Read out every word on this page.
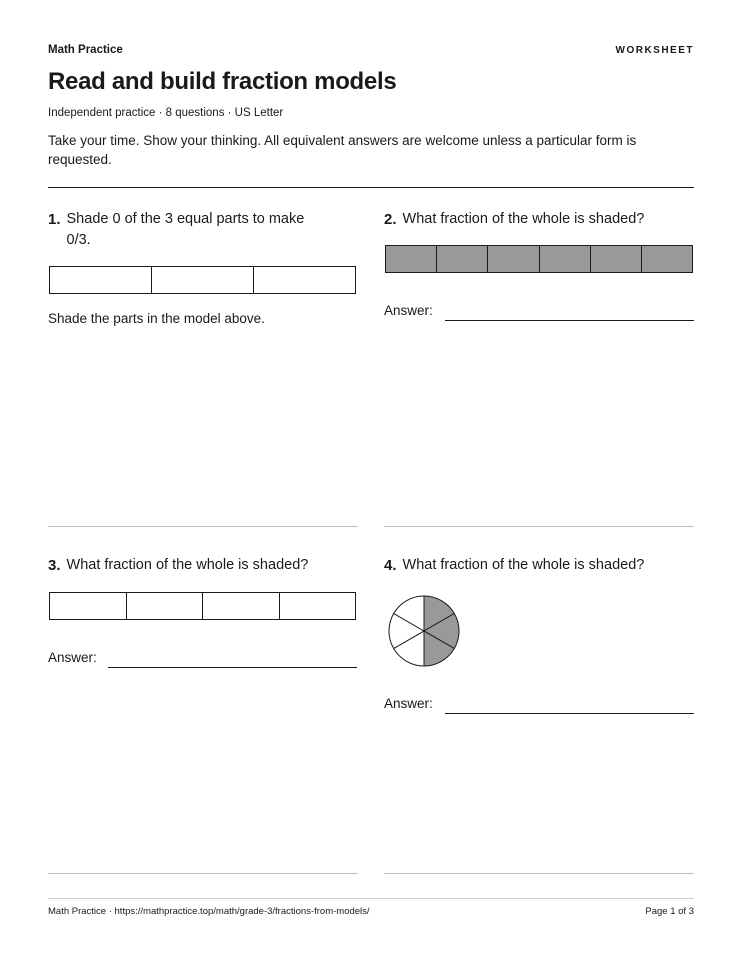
Math Practice	WORKSHEET
Read and build fraction models
Independent practice · 8 questions · US Letter
Take your time. Show your thinking. All equivalent answers are welcome unless a particular form is requested.
1. Shade 0 of the 3 equal parts to make
0/3.
Shade the parts in the model above.
2. What fraction of the whole is shaded?
Answer:
3. What fraction of the whole is shaded?
Answer:
4. What fraction of the whole is shaded?
Answer:
Math Practice · https://mathpractice.top/math/grade-3/fractions-from-models/	Page 1 of 3
